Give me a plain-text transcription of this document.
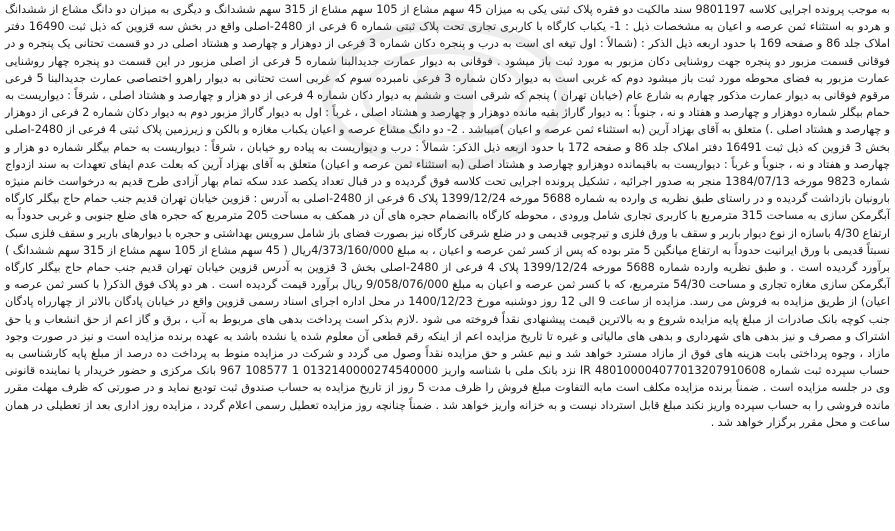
به موجب پرونده اجرایی کلاسه 9801197 سند مالکیت دو فقره پلاک ثبتی یکی به میزان 45 سهم مشاع از 105 سهم مشاع از 315 سهم ششدانگ و دیگری به میزان دو دانگ مشاع از ششدانگ و هردو به استثناء ثمن عرصه و اعیان به مشخصات ذیل : 1- یکباب کارگاه با کاربری تجاری تحت پلاک ثبتی شماره 6 فرعی از 2480-اصلی واقع در بخش سه قزوین که ذیل ثبت 16490 دفتر املاک جلد 86 و صفحه 169 با حدود اربعه ذیل الذکر : (شمالاً : اول تیغه ای است به درب و پنجره دکان شماره 3 فرعی از دوهزار و چهارصد و هشتاد اصلی در دو قسمت تحتانی یک پنجره و در فوقانی قسمت مزبور دو پنجره جهت روشنایی دکان مزبور به مورد ثبت باز میشود . فوقانی به دیوار عمارت جدیدالبنا شماره 5 فرعی از اصلی مزبور در این قسمت دو پنجره چهار روشنایی عمارت مزبور به فضای محوطه مورد ثبت باز میشود دوم که غربی است به دیوار دکان شماره 3 فرعی نامبرده سوم که غربی است تحتانی به دیوار راهرو اختصاصی عمارت جدیدالبنا 5 فرعی مرقوم فوقانی به دیوار عمارت مذکور چهارم به شارع عام (خیابان تهران ) پنجم که شرقی است و ششم به دیوار دکان شماره 4 فرعی از دو هزار و چهارصد و هشتاد اصلی ، شرقاً : دیواریست به حمام بیگلر شماره دوهزار و چهارصد و هفتاد و نه ، جنوباً : به دیوار گاراژ بقیه مانده دوهزار و چهارصد و هشتاد اصلی ، غرباً : اول به دیوار گاراژ مزبور دوم به دیوار دکان شماره 2 فرعی از دوهزار و چهارصد و هشتاد اصلی .) متعلق به آقای بهزاد آرین (به استثناء ثمن عرصه و اعیان )میباشد . 2- دو دانگ مشاع عرصه و اعیان یکباب مغازه و بالکن و زیرزمین پلاک ثبتی 4 فرعی از 2480-اصلی بخش 3 قزوین که ذیل ثبت 16491 دفتر املاک جلد 86 و صفحه 172 با حدود اربعه ذیل الذکر: شمالاً : درب و دیواریست به پیاده رو خیابان ، شرقاً : دیواریست به حمام بیگلر شماره دو هزار و چهارصد و هفتاد و نه ، جنوباً و غرباً : دیواریست به باقیمانده دوهزارو چهارصد و هشتاد اصلی (به استثناء ثمن عرصه و اعیان) متعلق به آقای بهزاد آرین که بعلت عدم ایفای تعهدات به سند ازدواج شماره 9823 مورخه 1384/07/13 منجر به صدور اجرائیه ، تشکیل پرونده اجرایی تحت کلاسه فوق گردیده و در قبال تعداد یکصد عدد سکه تمام بهار آزادی طرح قدیم به درخواست خانم منیژه بارونیان بازداشت گردیده و در راستای طبق نظریه ی وارده به شماره 5688 مورخه 1399/12/24 پلاک 6 فرعی از 2480-اصلی به آدرس : قزوین خیابان تهران قدیم جنب حمام حاج بیگلر کارگاه آبگرمکن سازی به مساحت 315 مترمربع با کاربری تجاری شامل ورودی ، محوطه کارگاه باانضمام حجره های آن در همکف به مساحت 205 مترمربع که حجره های ضلع جنوبی و غربی حدوداً به ارتفاع 4/30 باسازه از نوع دیوار باربر و سقف با ورق فلزی و تیرچوبی قدیمی و در ضلع شرقی کارگاه نیز بصورت فضای باز شامل سرویس بهداشتی و حجره با دیوارهای باربر و سقف فلزی سبک نسبتاً قدیمی با ورق ایرانیت حدوداً به ارتفاع میانگین 5 متر بوده که پس از کسر ثمن عرصه و اعیان ، به مبلغ 4/373/160/000ریال ( 45 سهم مشاع از 105 سهم مشاع از 315 سهم ششدانگ ) برآورد گردیده است . و طبق نظریه وارده شماره 5688 مورخه 1399/12/24 پلاک 4 فرعی از 2480-اصلی بخش 3 قزوین به آدرس قزوین خیابان تهران قدیم جنب حمام حاج بیگلر کارگاه آبگرمکن سازی مغازه تجاری و مساحت 54/30 مترمربع، که با کسر ثمن عرصه و اعیان به مبلغ 9/058/076/000 ریال برآورد قیمت گردیده است . هر دو پلاک فوق الذکر( با کسر ثمن عرصه و اعیان) از طریق مزایده به فروش می رسد. مزایده از ساعت 9 الی 12 روز دوشنبه مورخ 1400/12/23 در محل اداره اجرای اسناد رسمی قزوین واقع در خیابان پادگان بالاتر از چهارراه پادگان جنب کوچه بانک صادرات از مبلغ پایه مزایده شروع و به بالاترین قیمت پیشنهادی نقداً فروخته می شود .لازم بذکر است پرداخت بدهی های مربوط به آب ، برق و گاز اعم از حق انشعاب و یا حق اشتراک و مصرف و نیز بدهی های شهرداری و بدهی های مالیاتی و غیره تا تاریخ مزایده اعم از اینکه رقم قطعی آن معلوم شده یا نشده باشد به عهده برنده مزایده است و نیز در صورت وجود مازاد ، وجوه پرداختی بابت هزینه های فوق از مازاد مسترد خواهد شد و نیم عشر و حق مزایده نقداً وصول می گردد و شرکت در مزایده منوط به پرداخت ده درصد از مبلغ پایه کارشناسی به حساب سپرده ثبت شماره IR 480100004077013207910608 نزد بانک ملی با شناسه واریز 0132140000274540000 1 108577 967 بانک مرکزی و حضور خریدار یا نماینده قانونی وی در جلسه مزایده است . ضمناً برنده مزایده مکلف است مابه التفاوت مبلغ فروش را ظرف مدت 5 روز از تاریخ مزایده به حساب صندوق ثبت تودیع نماید و در صورتی که ظرف مهلت مقرر مانده فروشی را به حساب سپرده واریز نکند مبلغ قابل استرداد نیست و به خزانه واریز خواهد شد . ضمناً چنانچه روز مزایده تعطیل رسمی اعلام گردد ، مزایده روز اداری بعد از تعطیلی در همان ساعت و محل مقرر برگزار خواهد شد .
